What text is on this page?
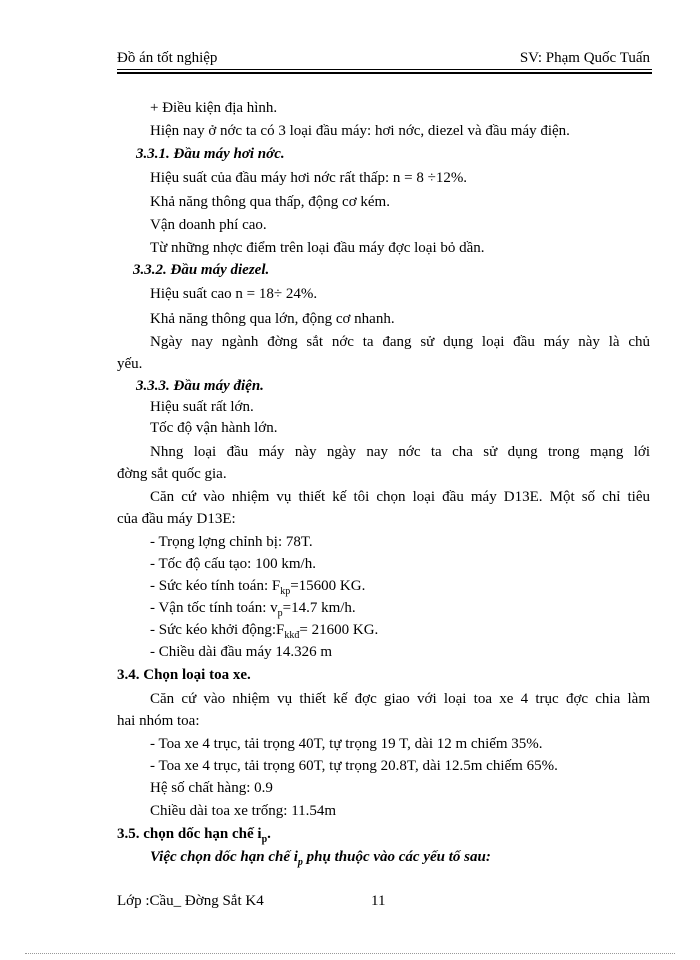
Đồ án tốt nghiệp	SV: Phạm Quốc Tuấn
+ Điều kiện địa hình.
Hiện nay ở nớc ta có 3 loại đầu máy: hơi nớc, diezel và đầu máy điện.
3.3.1. Đầu máy hơi nớc.
Hiệu suất của đầu máy hơi nớc rất thấp: n = 8 ÷12%.
Khả năng thông qua thấp, động cơ kém.
Vận doanh phí cao.
Từ những nhợc điểm trên loại đầu máy đợc loại bỏ dần.
3.3.2. Đầu máy diezel.
Hiệu suất cao n = 18÷ 24%.
Khả năng thông qua lớn, động cơ nhanh.
Ngày nay ngành đờng sắt nớc ta đang sử dụng loại đầu máy này là chủ
yếu.
3.3.3. Đầu máy điện.
Hiệu suất rất lớn.
Tốc độ vận hành lớn.
Nhng loại đầu máy này ngày nay nớc ta cha sử dụng trong mạng lới
đờng sắt quốc gia.
Căn cứ vào nhiệm vụ thiết kế tôi chọn loại đầu máy D13E. Một số chỉ tiêu
của đầu máy D13E:
- Trọng lợng chỉnh bị: 78T.
- Tốc độ cấu tạo: 100 km/h.
- Sức kéo tính toán: $F_{kp}=15600$ KG.
- Vận tốc tính toán: $v_p=14.7$ km/h.
- Sức kéo khởi $động:F_{kkđ}= 21600$ KG.
- Chiều dài đầu máy 14.326 m
3.4. Chọn loại toa xe.
Căn cứ vào nhiệm vụ thiết kế đợc giao với loại toa xe 4 trục đợc chia làm
hai nhóm toa:
- Toa xe 4 trục, tải trọng 40T, tự trọng 19 T, dài 12 m chiếm 35%.
- Toa xe 4 trục, tải trọng 60T, tự trọng 20.8T, dài 12.5m chiếm 65%.
Hệ số chất hàng: 0.9
Chiều dài toa xe trống: 11.54m
3.5. chọn dốc hạn chế $i_p$.
Việc chọn dốc hạn chế $i_p$ phụ thuộc vào các yếu tố sau:
Lớp :Cầu_ Đờng Sắt K4	11
